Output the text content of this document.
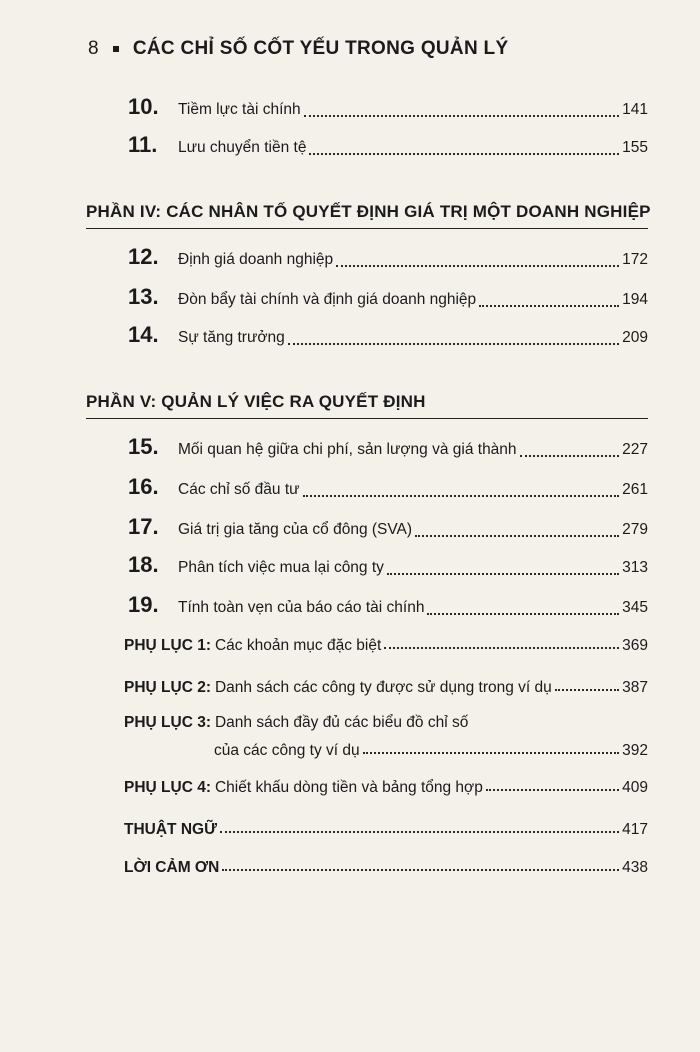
8 CÁC CHỈ SỐ CỐT YẾU TRONG QUẢN LÝ
10.	Tiềm lực tài chính	141
11.	Lưu chuyển tiền tệ	155
PHẦN IV: CÁC NHÂN TỐ QUYẾT ĐỊNH GIÁ TRỊ MỘT DOANH NGHIỆP
12.	Định giá doanh nghiệp	172
13.	Đòn bẩy tài chính và định giá doanh nghiệp	194
14.	Sự tăng trưởng	209
PHẦN V: QUẢN LÝ VIỆC RA QUYẾT ĐỊNH
15.	Mối quan hệ giữa chi phí, sản lượng và giá thành	227
16.	Các chỉ số đầu tư	261
17.	Giá trị gia tăng của cổ đông (SVA)	279
18.	Phân tích việc mua lại công ty	313
19.	Tính toàn vẹn của báo cáo tài chính	345
PHỤ LỤC 1: Các khoản mục đặc biệt	369
PHỤ LỤC 2: Danh sách các công ty được sử dụng trong ví dụ	387
PHỤ LỤC 3: Danh sách đầy đủ các biểu đồ chỉ số
của các công ty ví dụ	392
PHỤ LỤC 4: Chiết khấu dòng tiền và bảng tổng hợp	409
THUẬT NGỮ	417
LỜI CẢM ƠN	438
